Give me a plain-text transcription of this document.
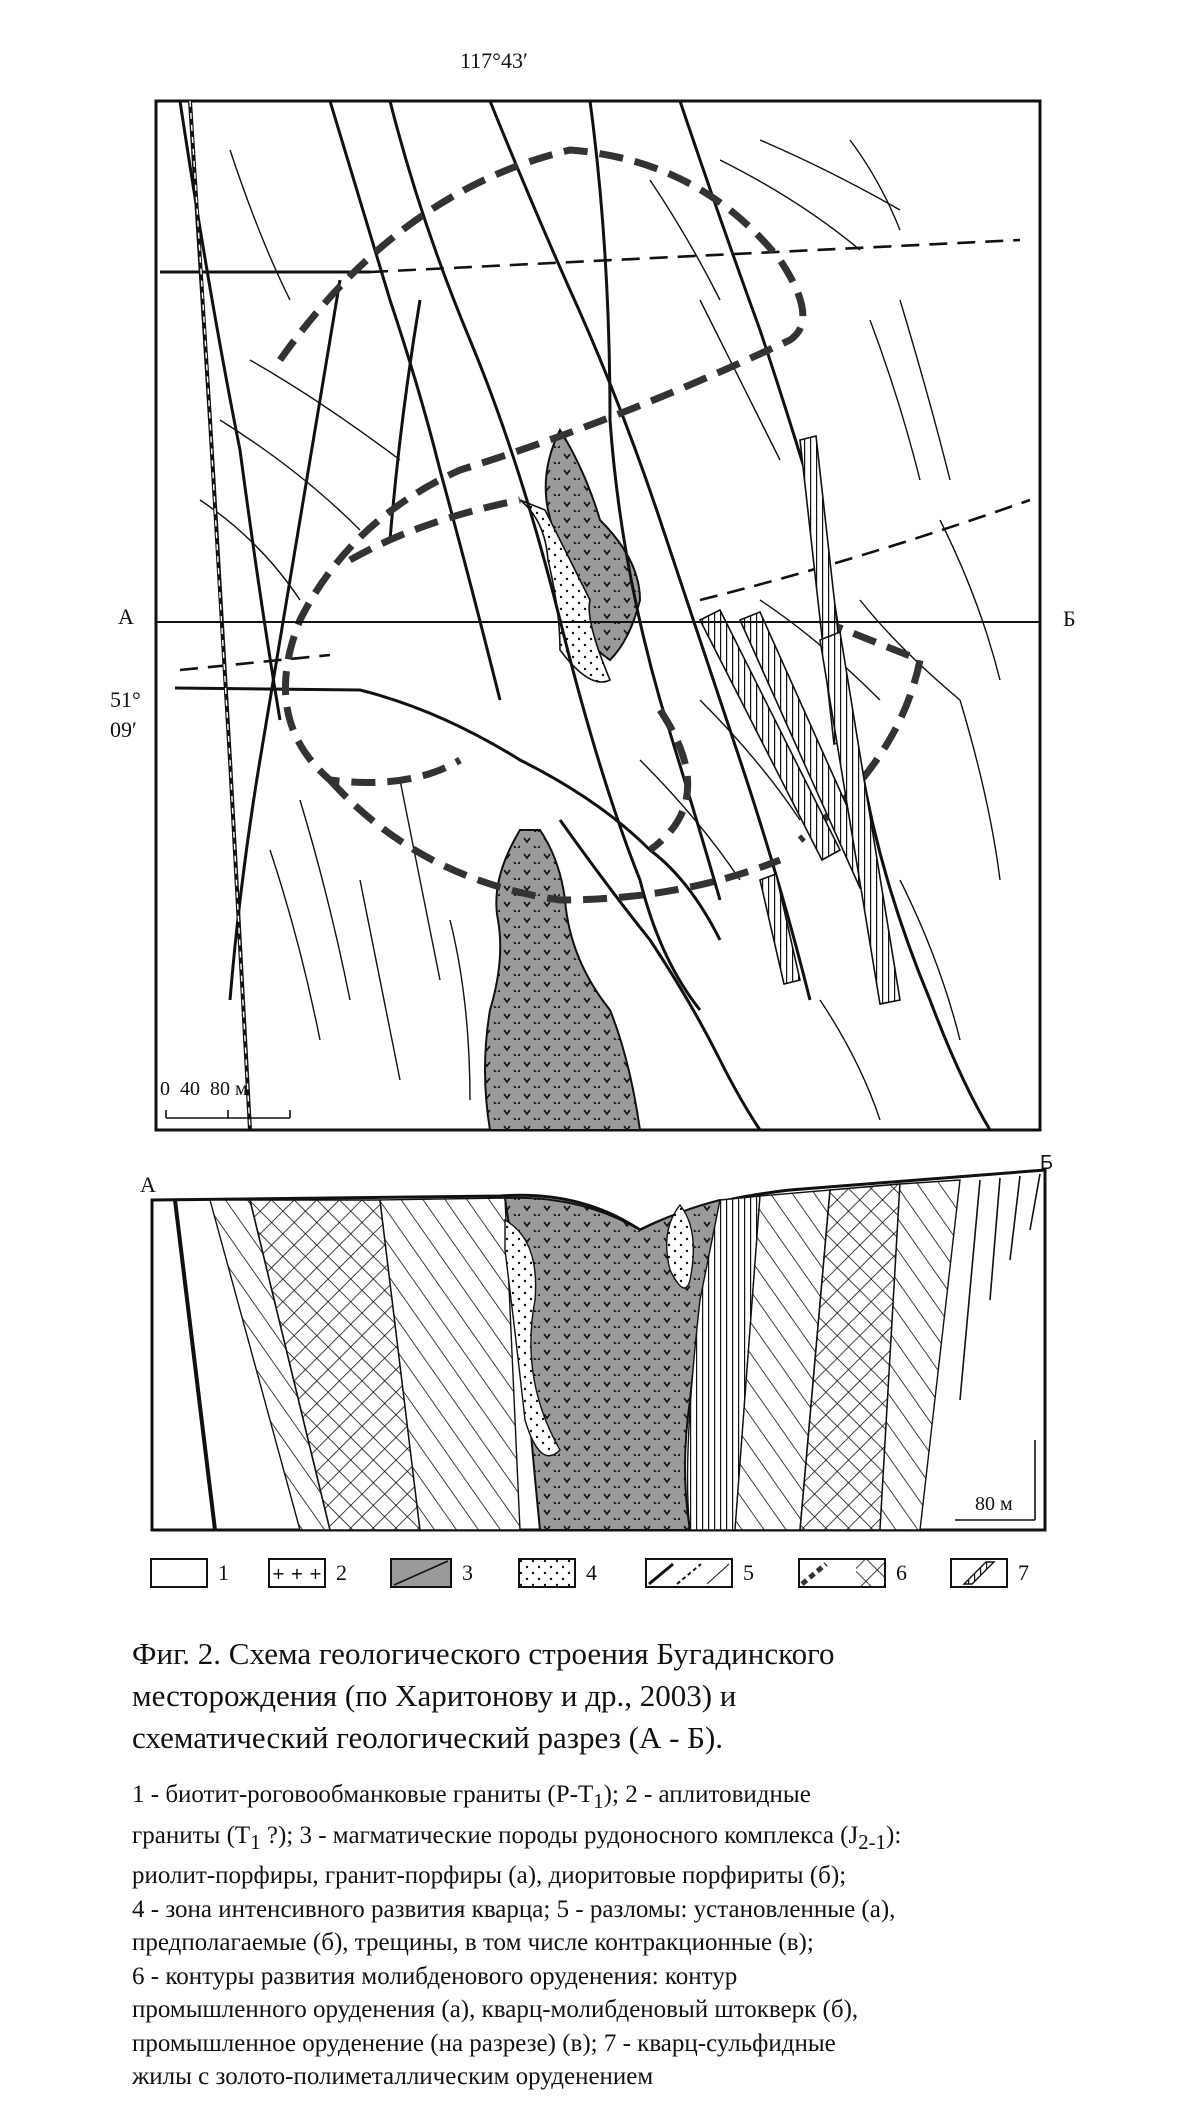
117°43′
А	Б
51°
09′
0  40  80 м
А
Б
80 м
1	+ + + 2	3	4	5	6	7

Фиг. 2. Схема геологического строения Бугадинского

месторождения (по Харитонову и др., 2003) и

схематический геологический разрез (А - Б).

1 - биотит-роговообманковые граниты $(Р-Т_1)$; 2 - аплитовидные

граниты ($Т_1$ ?); 3 - магматические породы рудоносного комплекса $(J_{2-1})$:

риолит-порфиры, гранит-порфиры (а), диоритовые порфириты (б);

4 - зона интенсивного развития кварца; 5 - разломы: установленные (а),

предполагаемые (б), трещины, в том числе контракционные (в);

6 - контуры развития молибденового оруденения: контур

промышленного оруденения (а), кварц-молибденовый штокверк (б),

промышленное оруденение (на разрезе) (в); 7 - кварц-сульфидные

жилы с золото-полиметаллическим оруденением
